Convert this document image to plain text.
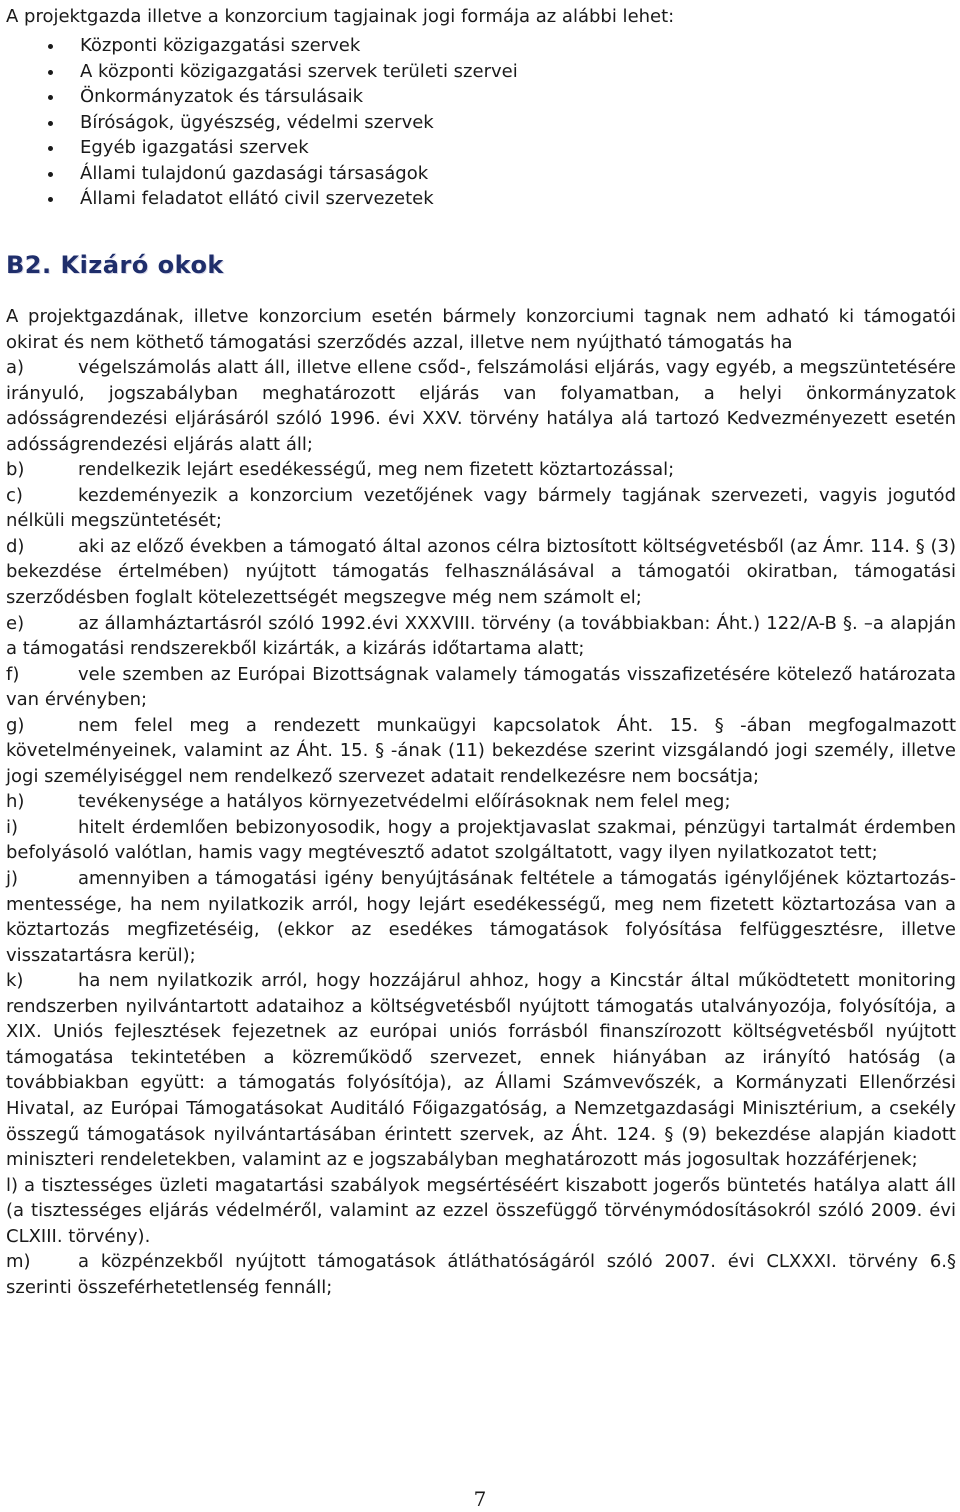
A projektgazda illetve a konzorcium tagjainak jogi formája az alábbi lehet:
Központi közigazgatási szervek
A központi közigazgatási szervek területi szervei
Önkormányzatok és társulásaik
Bíróságok, ügyészség, védelmi szervek
Egyéb igazgatási szervek
Állami tulajdonú gazdasági társaságok
Állami feladatot ellátó civil szervezetek
B2. Kizáró okok

A projektgazdának, illetve konzorcium esetén bármely konzorciumi tagnak nem adható ki támogatói okirat és nem köthető támogatási szerződés azzal, illetve nem nyújtható támogatás ha

a)	végelszámolás alatt áll, illetve ellene csőd-, felszámolási eljárás, vagy egyéb, a megszüntetésére irányuló, jogszabályban meghatározott eljárás van folyamatban, a helyi önkormányzatok adósságrendezési eljárásáról szóló 1996. évi XXV. törvény hatálya alá tartozó Kedvezményezett esetén adósságrendezési eljárás alatt áll;

b)	rendelkezik lejárt esedékességű, meg nem fizetett köztartozással;

c)	kezdeményezik a konzorcium vezetőjének vagy bármely tagjának szervezeti, vagyis jogutód nélküli megszüntetését;

d)	aki az előző években a támogató által azonos célra biztosított költségvetésből (az Ámr. 114. § (3) bekezdése értelmében) nyújtott támogatás felhasználásával a támogatói okiratban, támogatási szerződésben foglalt kötelezettségét megszegve még nem számolt el;

e)	az államháztartásról szóló 1992.évi XXXVIII. törvény (a továbbiakban: Áht.) 122/A-B §. –a alapján a támogatási rendszerekből kizárták, a kizárás időtartama alatt;

f)	vele szemben az Európai Bizottságnak valamely támogatás visszafizetésére kötelező határozata van érvényben;

g)	nem felel meg a rendezett munkaügyi kapcsolatok Áht. 15. § -ában megfogalmazott követelményeinek, valamint az Áht. 15. § -ának (11) bekezdése szerint vizsgálandó jogi személy, illetve jogi személyiséggel nem rendelkező szervezet adatait rendelkezésre nem bocsátja;

h)	tevékenysége a hatályos környezetvédelmi előírásoknak nem felel meg;

i)	hitelt érdemlően bebizonyosodik, hogy a projektjavaslat szakmai, pénzügyi tartalmát érdemben befolyásoló valótlan, hamis vagy megtévesztő adatot szolgáltatott, vagy ilyen nyilatkozatot tett;

j)	amennyiben a támogatási igény benyújtásának feltétele a támogatás igénylőjének köztartozás-mentessége, ha nem nyilatkozik arról, hogy lejárt esedékességű, meg nem fizetett köztartozása van a köztartozás megfizetéséig, (ekkor az esedékes támogatások folyósítása felfüggesztésre, illetve visszatartásra kerül);

k)	ha nem nyilatkozik arról, hogy hozzájárul ahhoz, hogy a Kincstár által működtetett monitoring rendszerben nyilvántartott adataihoz a költségvetésből nyújtott támogatás utalványozója, folyósítója, a XIX. Uniós fejlesztések fejezetnek az európai uniós forrásból finanszírozott költségvetésből nyújtott támogatása tekintetében a közreműködő szervezet, ennek hiányában az irányító hatóság (a továbbiakban együtt: a támogatás folyósítója), az Állami Számvevőszék, a Kormányzati Ellenőrzési Hivatal, az Európai Támogatásokat Auditáló Főigazgatóság, a Nemzetgazdasági Minisztérium, a csekély összegű támogatások nyilvántartásában érintett szervek, az Áht. 124. § (9) bekezdése alapján kiadott miniszteri rendeletekben, valamint az e jogszabályban meghatározott más jogosultak hozzáférjenek;

l) a tisztességes üzleti magatartási szabályok megsértéséért kiszabott jogerős büntetés hatálya alatt áll (a tisztességes eljárás védelméről, valamint az ezzel összefüggő törvénymódosításokról szóló 2009. évi CLXIII. törvény).

m)	a közpénzekből nyújtott támogatások átláthatóságáról szóló 2007. évi CLXXXI. törvény 6.§ szerinti összeférhetetlenség fennáll;

7
